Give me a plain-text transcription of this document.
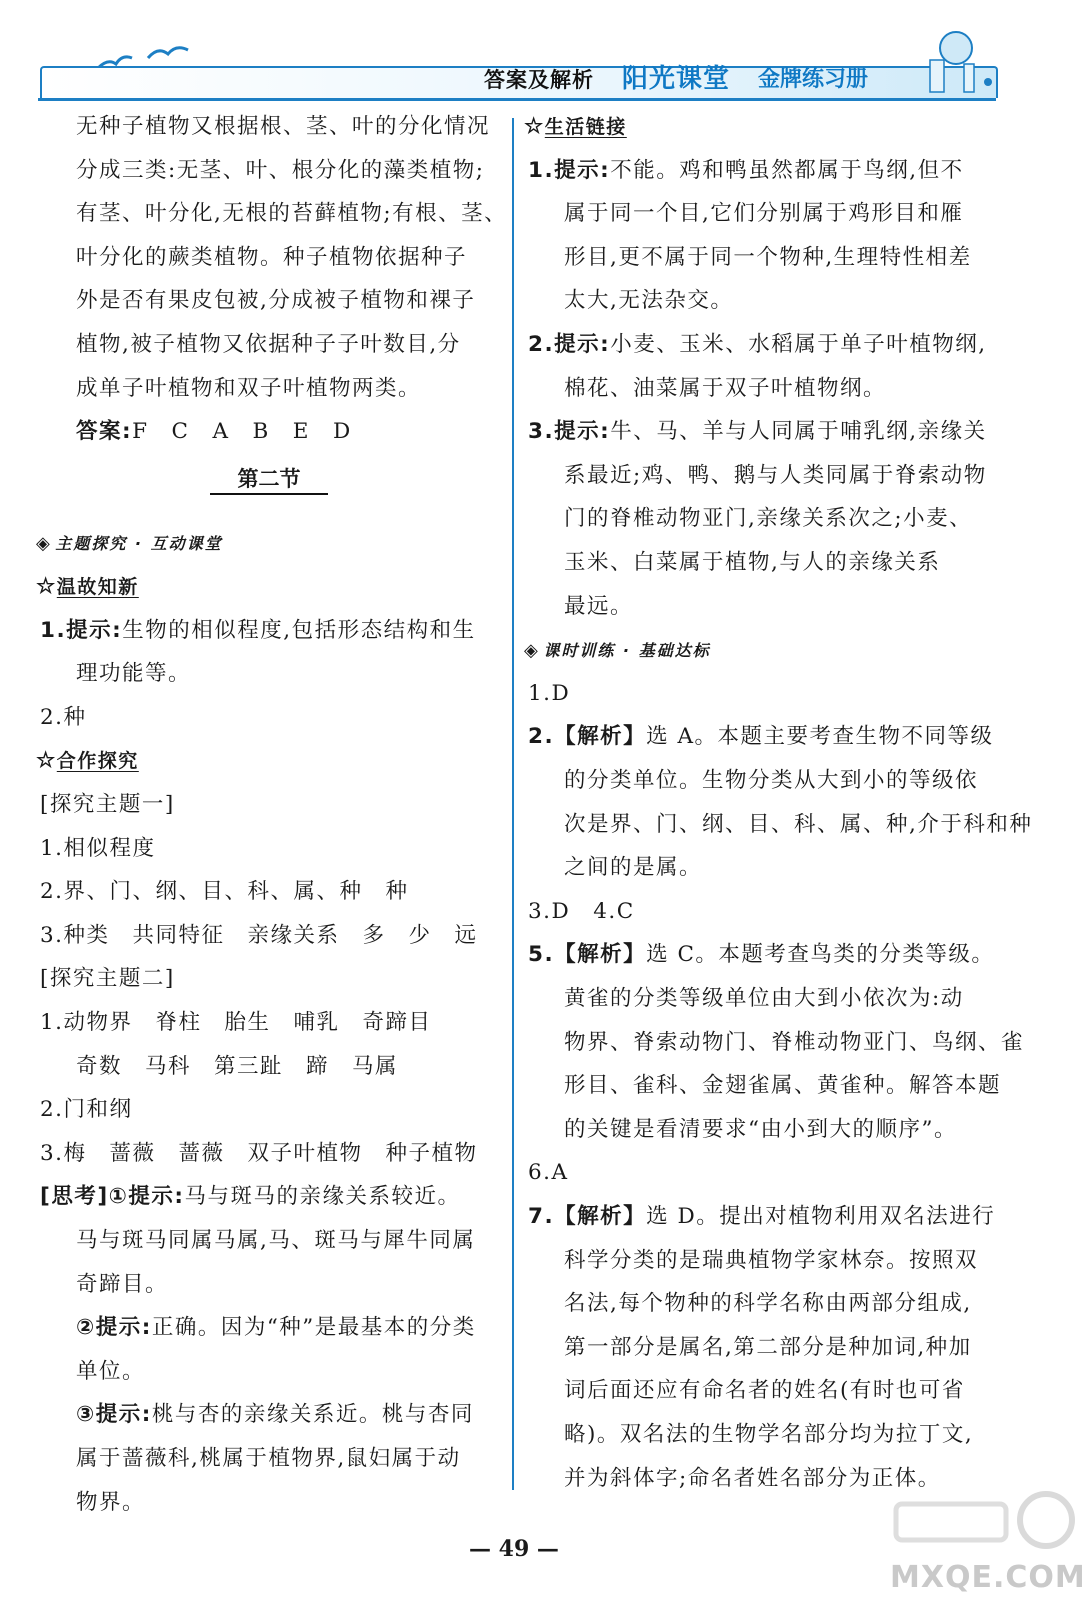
答案及解析 阳光课堂 金牌练习册
无种子植物又根据根、茎、叶的分化情况
分成三类:无茎、叶、根分化的藻类植物;
有茎、叶分化,无根的苔藓植物;有根、茎、
叶分化的蕨类植物。种子植物依据种子
外是否有果皮包被,分成被子植物和裸子
植物,被子植物又依据种子子叶数目,分
成单子叶植物和双子叶植物两类。
答案:F　C　A　B　E　D
第二节
◈ 主题探究 · 互动课堂
☆温故知新
1.提示:生物的相似程度,包括形态结构和生
理功能等。
2.种
☆合作探究
[探究主题一]
1.相似程度
2.界、门、纲、目、科、属、种　种
3.种类　共同特征　亲缘关系　多　少　远
[探究主题二]
1.动物界　脊柱　胎生　哺乳　奇蹄目
奇数　马科　第三趾　蹄　马属
2.门和纲
3.梅　蔷薇　蔷薇　双子叶植物　种子植物
[思考]①提示:马与斑马的亲缘关系较近。
马与斑马同属马属,马、斑马与犀牛同属
奇蹄目。
②提示:正确。因为“种”是最基本的分类
单位。
③提示:桃与杏的亲缘关系近。桃与杏同
属于蔷薇科,桃属于植物界,鼠妇属于动
物界。
☆生活链接
1.提示:不能。鸡和鸭虽然都属于鸟纲,但不
属于同一个目,它们分别属于鸡形目和雁
形目,更不属于同一个物种,生理特性相差
太大,无法杂交。
2.提示:小麦、玉米、水稻属于单子叶植物纲,
棉花、油菜属于双子叶植物纲。
3.提示:牛、马、羊与人同属于哺乳纲,亲缘关
系最近;鸡、鸭、鹅与人类同属于脊索动物
门的脊椎动物亚门,亲缘关系次之;小麦、
玉米、白菜属于植物,与人的亲缘关系
最远。
◈ 课时训练 · 基础达标
1.D
2.【解析】选 A。本题主要考查生物不同等级
的分类单位。生物分类从大到小的等级依
次是界、门、纲、目、科、属、种,介于科和种
之间的是属。
3.D　4.C
5.【解析】选 C。本题考查鸟类的分类等级。
黄雀的分类等级单位由大到小依次为:动
物界、脊索动物门、脊椎动物亚门、鸟纲、雀
形目、雀科、金翅雀属、黄雀种。解答本题
的关键是看清要求“由小到大的顺序”。
6.A
7.【解析】选 D。提出对植物利用双名法进行
科学分类的是瑞典植物学家林奈。按照双
名法,每个物种的科学名称由两部分组成,
第一部分是属名,第二部分是种加词,种加
词后面还应有命名者的姓名(有时也可省
略)。双名法的生物学名部分均为拉丁文,
并为斜体字;命名者姓名部分为正体。
— 49 —
MXQE.COM
